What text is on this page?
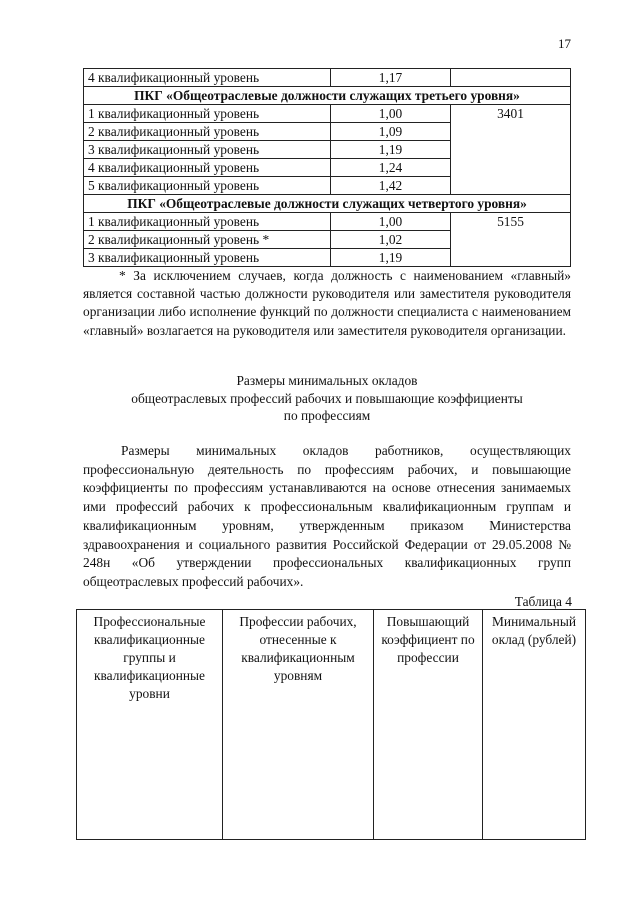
17
4 квалификационный уровень	1,17	
ПКГ «Общеотраслевые должности служащих третьего уровня»		
1 квалификационный уровень	1,00	3401
2 квалификационный уровень	1,09	
3 квалификационный уровень	1,19	
4 квалификационный уровень	1,24	
5 квалификационный уровень	1,42	
ПКГ «Общеотраслевые должности служащих четвертого уровня»		
1 квалификационный уровень	1,00	5155
2 квалификационный уровень *	1,02	
3 квалификационный уровень	1,19	

* За исключением случаев, когда должность с наименованием «главный» является составной частью должности руководителя или заместителя руководителя организации либо исполнение функций по должности специалиста с наименованием «главный» возлагается на руководителя или заместителя руководителя организации.

Размеры минимальных окладов
общеотраслевых профессий рабочих и повышающие коэффициенты
по профессиям

Размеры минимальных окладов работников, осуществляющих профессиональную деятельность по профессиям рабочих, и повышающие коэффициенты по профессиям устанавливаются на основе отнесения занимаемых ими профессий рабочих к профессиональным квалификационным группам и квалификационным уровням, утвержденным приказом Министерства здравоохранения и социального развития Российской Федерации от 29.05.2008 № 248н «Об утверждении профессиональных квалификационных групп общеотраслевых профессий рабочих».

Таблица 4
Профессиональные квалификационные группы и квалификационные уровни	Профессии рабочих, отнесенные к квалификационным уровням	Повышающий коэффициент по профессии	Минимальный оклад (рублей)
